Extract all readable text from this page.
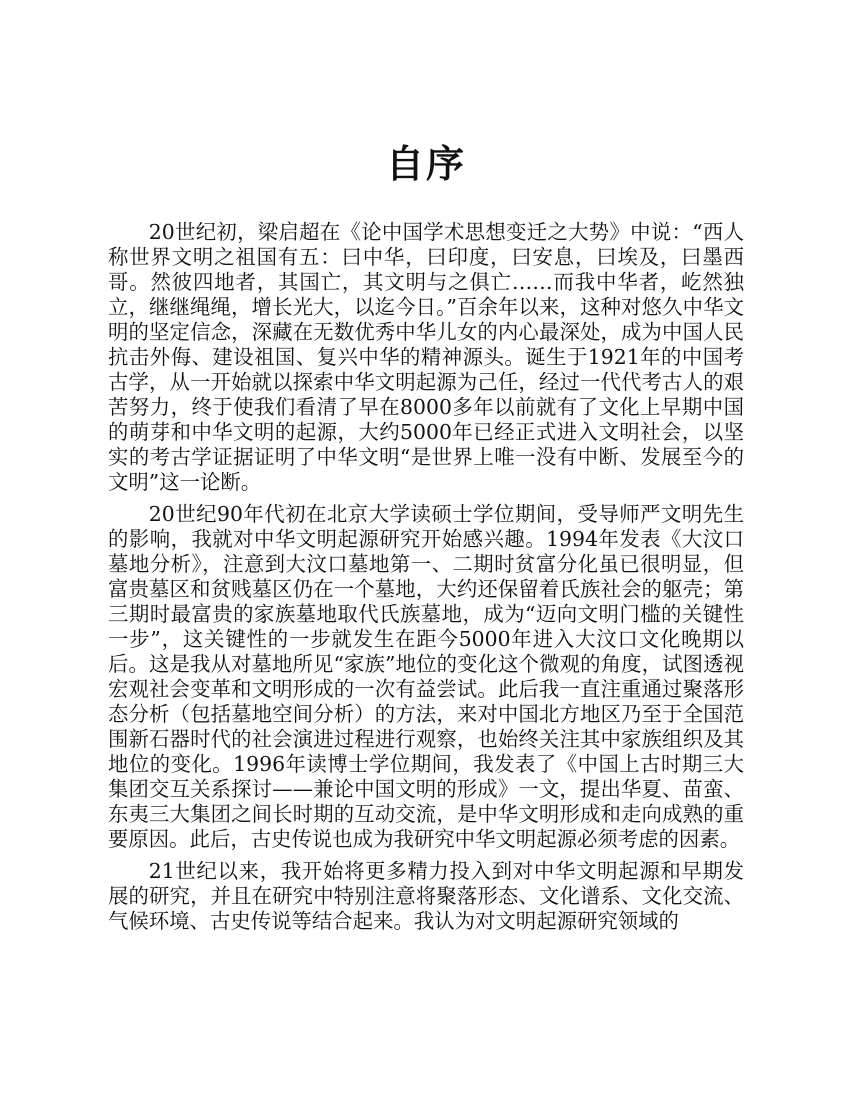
自序

20世纪初，梁启超在《论中国学术思想变迁之大势》中说：“西人称世界文明之祖国有五：曰中华，曰印度，曰安息，曰埃及，曰墨西哥。然彼四地者，其国亡，其文明与之俱亡……而我中华者，屹然独立，继继绳绳，增长光大，以迄今日。”百余年以来，这种对悠久中华文明的坚定信念，深藏在无数优秀中华儿女的内心最深处，成为中国人民抗击外侮、建设祖国、复兴中华的精神源头。诞生于1921年的中国考古学，从一开始就以探索中华文明起源为己任，经过一代代考古人的艰苦努力，终于使我们看清了早在8000多年以前就有了文化上早期中国的萌芽和中华文明的起源，大约5000年已经正式进入文明社会，以坚实的考古学证据证明了中华文明“是世界上唯一没有中断、发展至今的文明”这一论断。

20世纪90年代初在北京大学读硕士学位期间，受导师严文明先生的影响，我就对中华文明起源研究开始感兴趣。1994年发表《大汶口墓地分析》，注意到大汶口墓地第一、二期时贫富分化虽已很明显，但富贵墓区和贫贱墓区仍在一个墓地，大约还保留着氏族社会的躯壳；第三期时最富贵的家族墓地取代氏族墓地，成为“迈向文明门槛的关键性一步”，这关键性的一步就发生在距今5000年进入大汶口文化晚期以后。这是我从对墓地所见“家族”地位的变化这个微观的角度，试图透视宏观社会变革和文明形成的一次有益尝试。此后我一直注重通过聚落形态分析（包括墓地空间分析）的方法，来对中国北方地区乃至于全国范围新石器时代的社会演进过程进行观察，也始终关注其中家族组织及其地位的变化。1996年读博士学位期间，我发表了《中国上古时期三大集团交互关系探讨——兼论中国文明的形成》一文，提出华夏、苗蛮、东夷三大集团之间长时期的互动交流，是中华文明形成和走向成熟的重要原因。此后，古史传说也成为我研究中华文明起源必须考虑的因素。

21世纪以来，我开始将更多精力投入到对中华文明起源和早期发展的研究，并且在研究中特别注意将聚落形态、文化谱系、文化交流、气候环境、古史传说等结合起来。我认为对文明起源研究领域的
